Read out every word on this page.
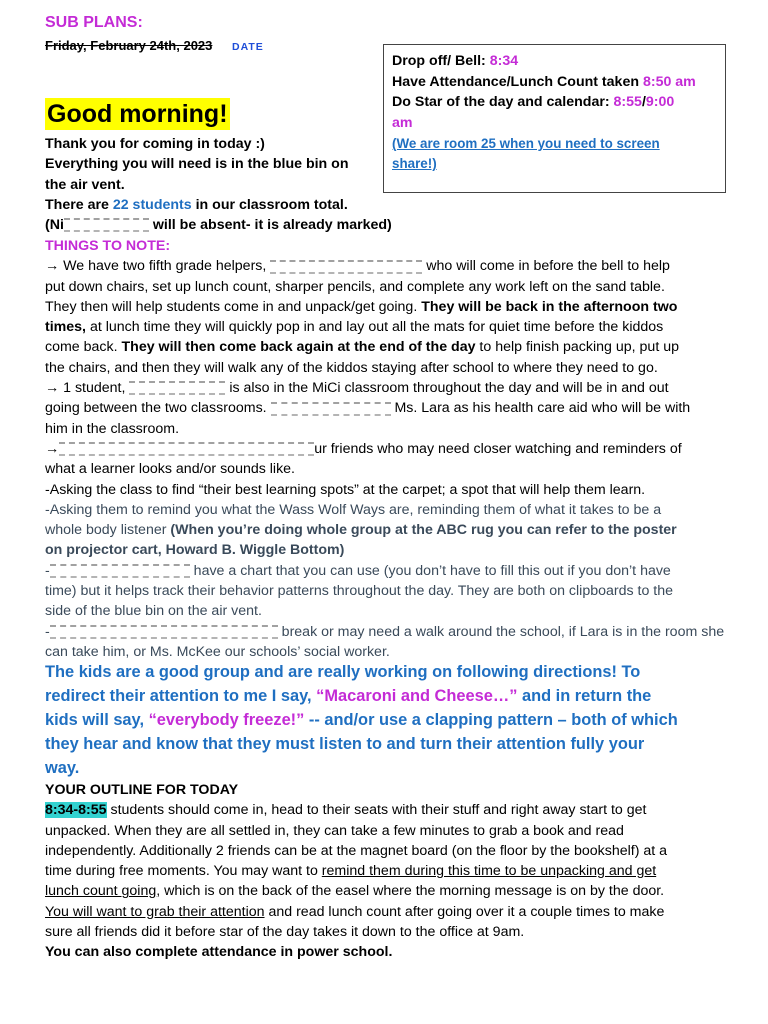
SUB PLANS:
Friday, February 24th, 2023 DATE
Drop off/ Bell: 8:34
Have Attendance/Lunch Count taken 8:50 am
Do Star of the day and calendar: 8:55/9:00
am
(We are room 25 when you need to screen
share!)
Good morning!
Thank you for coming in today :)
Everything you will need is in the blue bin on
the air vent.
There are 22 students in our classroom total.
(Ni	will be absent- it is already marked)
THINGS TO NOTE:
→ We have two fifth grade helpers,	who will come in before the bell to help
put down chairs, set up lunch count, sharper pencils, and complete any work left on the sand table.
They then will help students come in and unpack/get going. They will be back in the afternoon two
times, at lunch time they will quickly pop in and lay out all the mats for quiet time before the kiddos
come back. They will then come back again at the end of the day to help finish packing up, put up
the chairs, and then they will walk any of the kiddos staying after school to where they need to go.
→ 1 student,	is also in the MiCi classroom throughout the day and will be in and out
going between the two classrooms.	Ms. Lara as his health care aid who will be with
him in the classroom.
→	ur friends who may need closer watching and reminders of
what a learner looks and/or sounds like.
-Asking the class to find “their best learning spots” at the carpet; a spot that will help them learn.
-Asking them to remind you what the Wass Wolf Ways are, reminding them of what it takes to be a
whole body listener (When you’re doing whole group at the ABC rug you can refer to the poster
on projector cart, Howard B. Wiggle Bottom)
-	have a chart that you can use (you don’t have to fill this out if you don’t have
time) but it helps track their behavior patterns throughout the day. They are both on clipboards to the
side of the blue bin on the air vent.
-	break or may need a walk around the school, if Lara is in the room she
can take him, or Ms. McKee our schools’ social worker.
The kids are a good group and are really working on following directions! To
redirect their attention to me I say, “Macaroni and Cheese…” and in return the
kids will say, “everybody freeze!” -- and/or use a clapping pattern – both of which
they hear and know that they must listen to and turn their attention fully your
way.
YOUR OUTLINE FOR TODAY
8:34-8:55 students should come in, head to their seats with their stuff and right away start to get
unpacked. When they are all settled in, they can take a few minutes to grab a book and read
independently. Additionally 2 friends can be at the magnet board (on the floor by the bookshelf) at a
time during free moments. You may want to remind them during this time to be unpacking and get
lunch count going, which is on the back of the easel where the morning message is on by the door.
You will want to grab their attention and read lunch count after going over it a couple times to make
sure all friends did it before star of the day takes it down to the office at 9am.
You can also complete attendance in power school.
